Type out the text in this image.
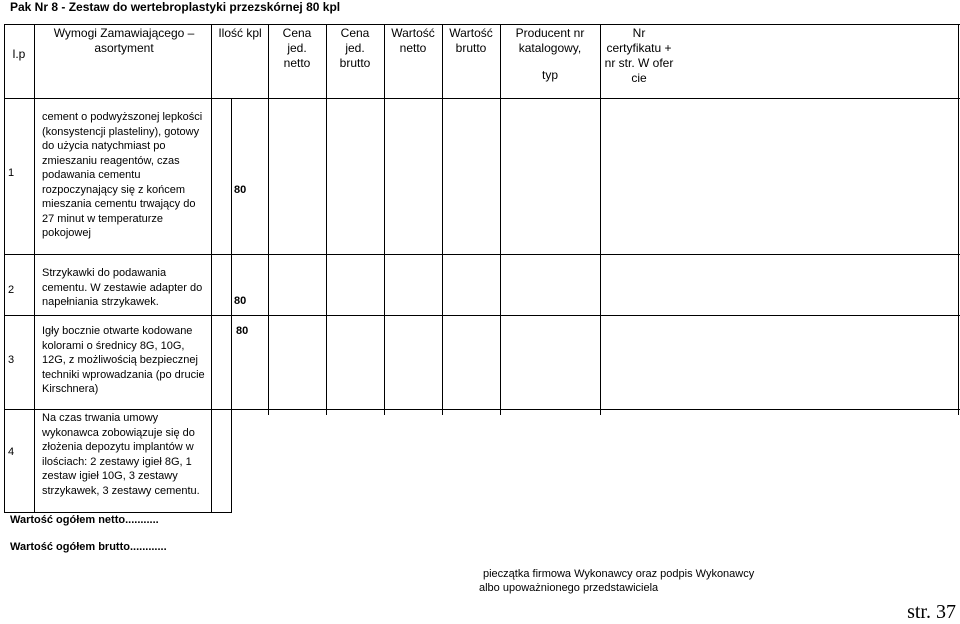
Pak Nr 8 - Zestaw do wertebroplastyki przezskórnej 80 kpl
l.p
Wymogi Zamawiającego – asortyment
Ilość kpl	Cena jed. netto
Cena jed. brutto
Wartość netto
Wartość brutto
Producent nr katalogowy,
typ
Nr certyfikatu + nr str. W ofer cie
1
cement o podwyższonej lepkości (konsystencji plasteliny), gotowy do użycia natychmiast po zmieszaniu reagentów, czas podawania cementu rozpoczynający się z końcem mieszania cementu trwający do 27 minut w temperaturze pokojowej
80
2
Strzykawki do podawania cementu. W zestawie adapter do napełniania strzykawek.	80
3
Igły bocznie otwarte kodowane kolorami o średnicy 8G, 10G, 12G, z możliwością bezpiecznej techniki wprowadzania (po drucie Kirschnera)
80
4
Na czas trwania umowy wykonawca zobowiązuje się do złożenia depozytu implantów w ilościach: 2 zestawy igieł 8G, 1 zestaw igieł 10G, 3 zestawy strzykawek, 3 zestawy cementu.
Wartość ogółem netto...........
Wartość ogółem brutto............
pieczątka firmowa Wykonawcy oraz podpis Wykonawcy
albo upoważnionego przedstawiciela
str. 37
